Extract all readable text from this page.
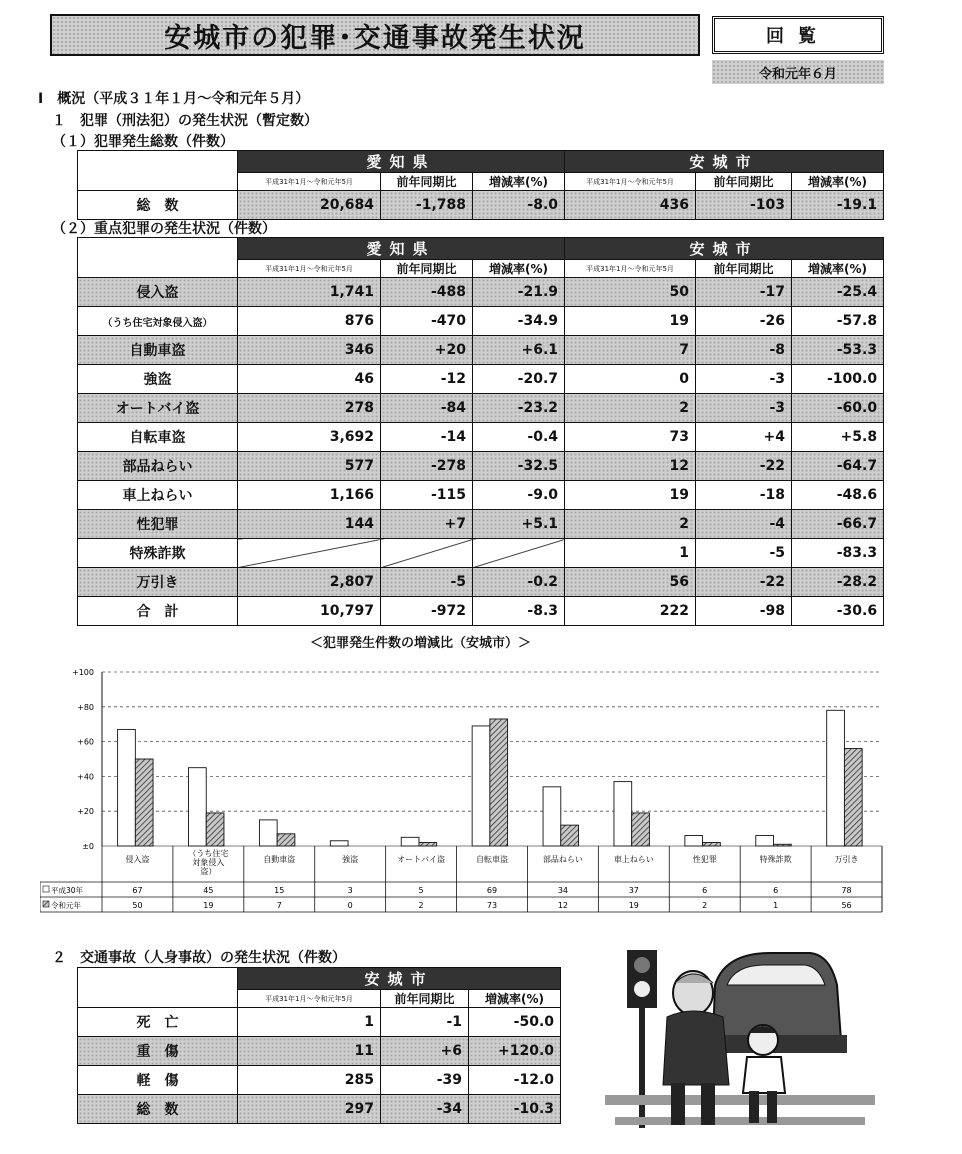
安城市の犯罪･交通事故発生状況	回覧
令和元年６月
Ⅰ　概況（平成３１年１月～令和元年５月）
１　犯罪（刑法犯）の発生状況（暫定数）
（１）犯罪発生総数（件数）
	愛知県			安城市		
	平成31年1月～令和元年5月	前年同期比	増減率(%)	平成31年1月～令和元年5月	前年同期比	増減率(%)
総　数	20,684	-1,788	-8.0	436	-103	-19.1
（２）重点犯罪の発生状況（件数）
	愛知県			安城市		
	平成31年1月～令和元年5月	前年同期比	増減率(%)	平成31年1月～令和元年5月	前年同期比	増減率(%)
侵入盗	1,741	-488	-21.9	50	-17	-25.4
（うち住宅対象侵入盗）	876	-470	-34.9	19	-26	-57.8
自動車盗	346	+20	+6.1	7	-8	-53.3
強盗	46	-12	-20.7	0	-3	-100.0
オートバイ盗	278	-84	-23.2	2	-3	-60.0
自転車盗	3,692	-14	-0.4	73	+4	+5.8
部品ねらい	577	-278	-32.5	12	-22	-64.7
車上ねらい	1,166	-115	-9.0	19	-18	-48.6
性犯罪	144	+7	+5.1	2	-4	-66.7
特殊詐欺				1	-5	-83.3
万引き	2,807	-5	-0.2	56	-22	-28.2
合　計	10,797	-972	-8.3	222	-98	-30.6
＜犯罪発生件数の増減比（安城市）＞
+100
+80
+60
+40
+20
±0
侵入盗
（うち住宅対象侵入盗）
自動車盗	強盗	オートバイ盗	自転車盗	部品ねらい	車上ねらい	性犯罪	特殊詐欺	万引き
平成30年	67	45	15	3	5	69	34	37	6	6	78
令和元年	50	19	7	0	2	73	12	19	2	1	56
２　交通事故（人身事故）の発生状況（件数）
	安城市		
	平成31年1月～令和元年5月	前年同期比	増減率(%)
死　亡	1	-1	-50.0
重　傷	11	+6	+120.0
軽　傷	285	-39	-12.0
総　数	297	-34	-10.3
